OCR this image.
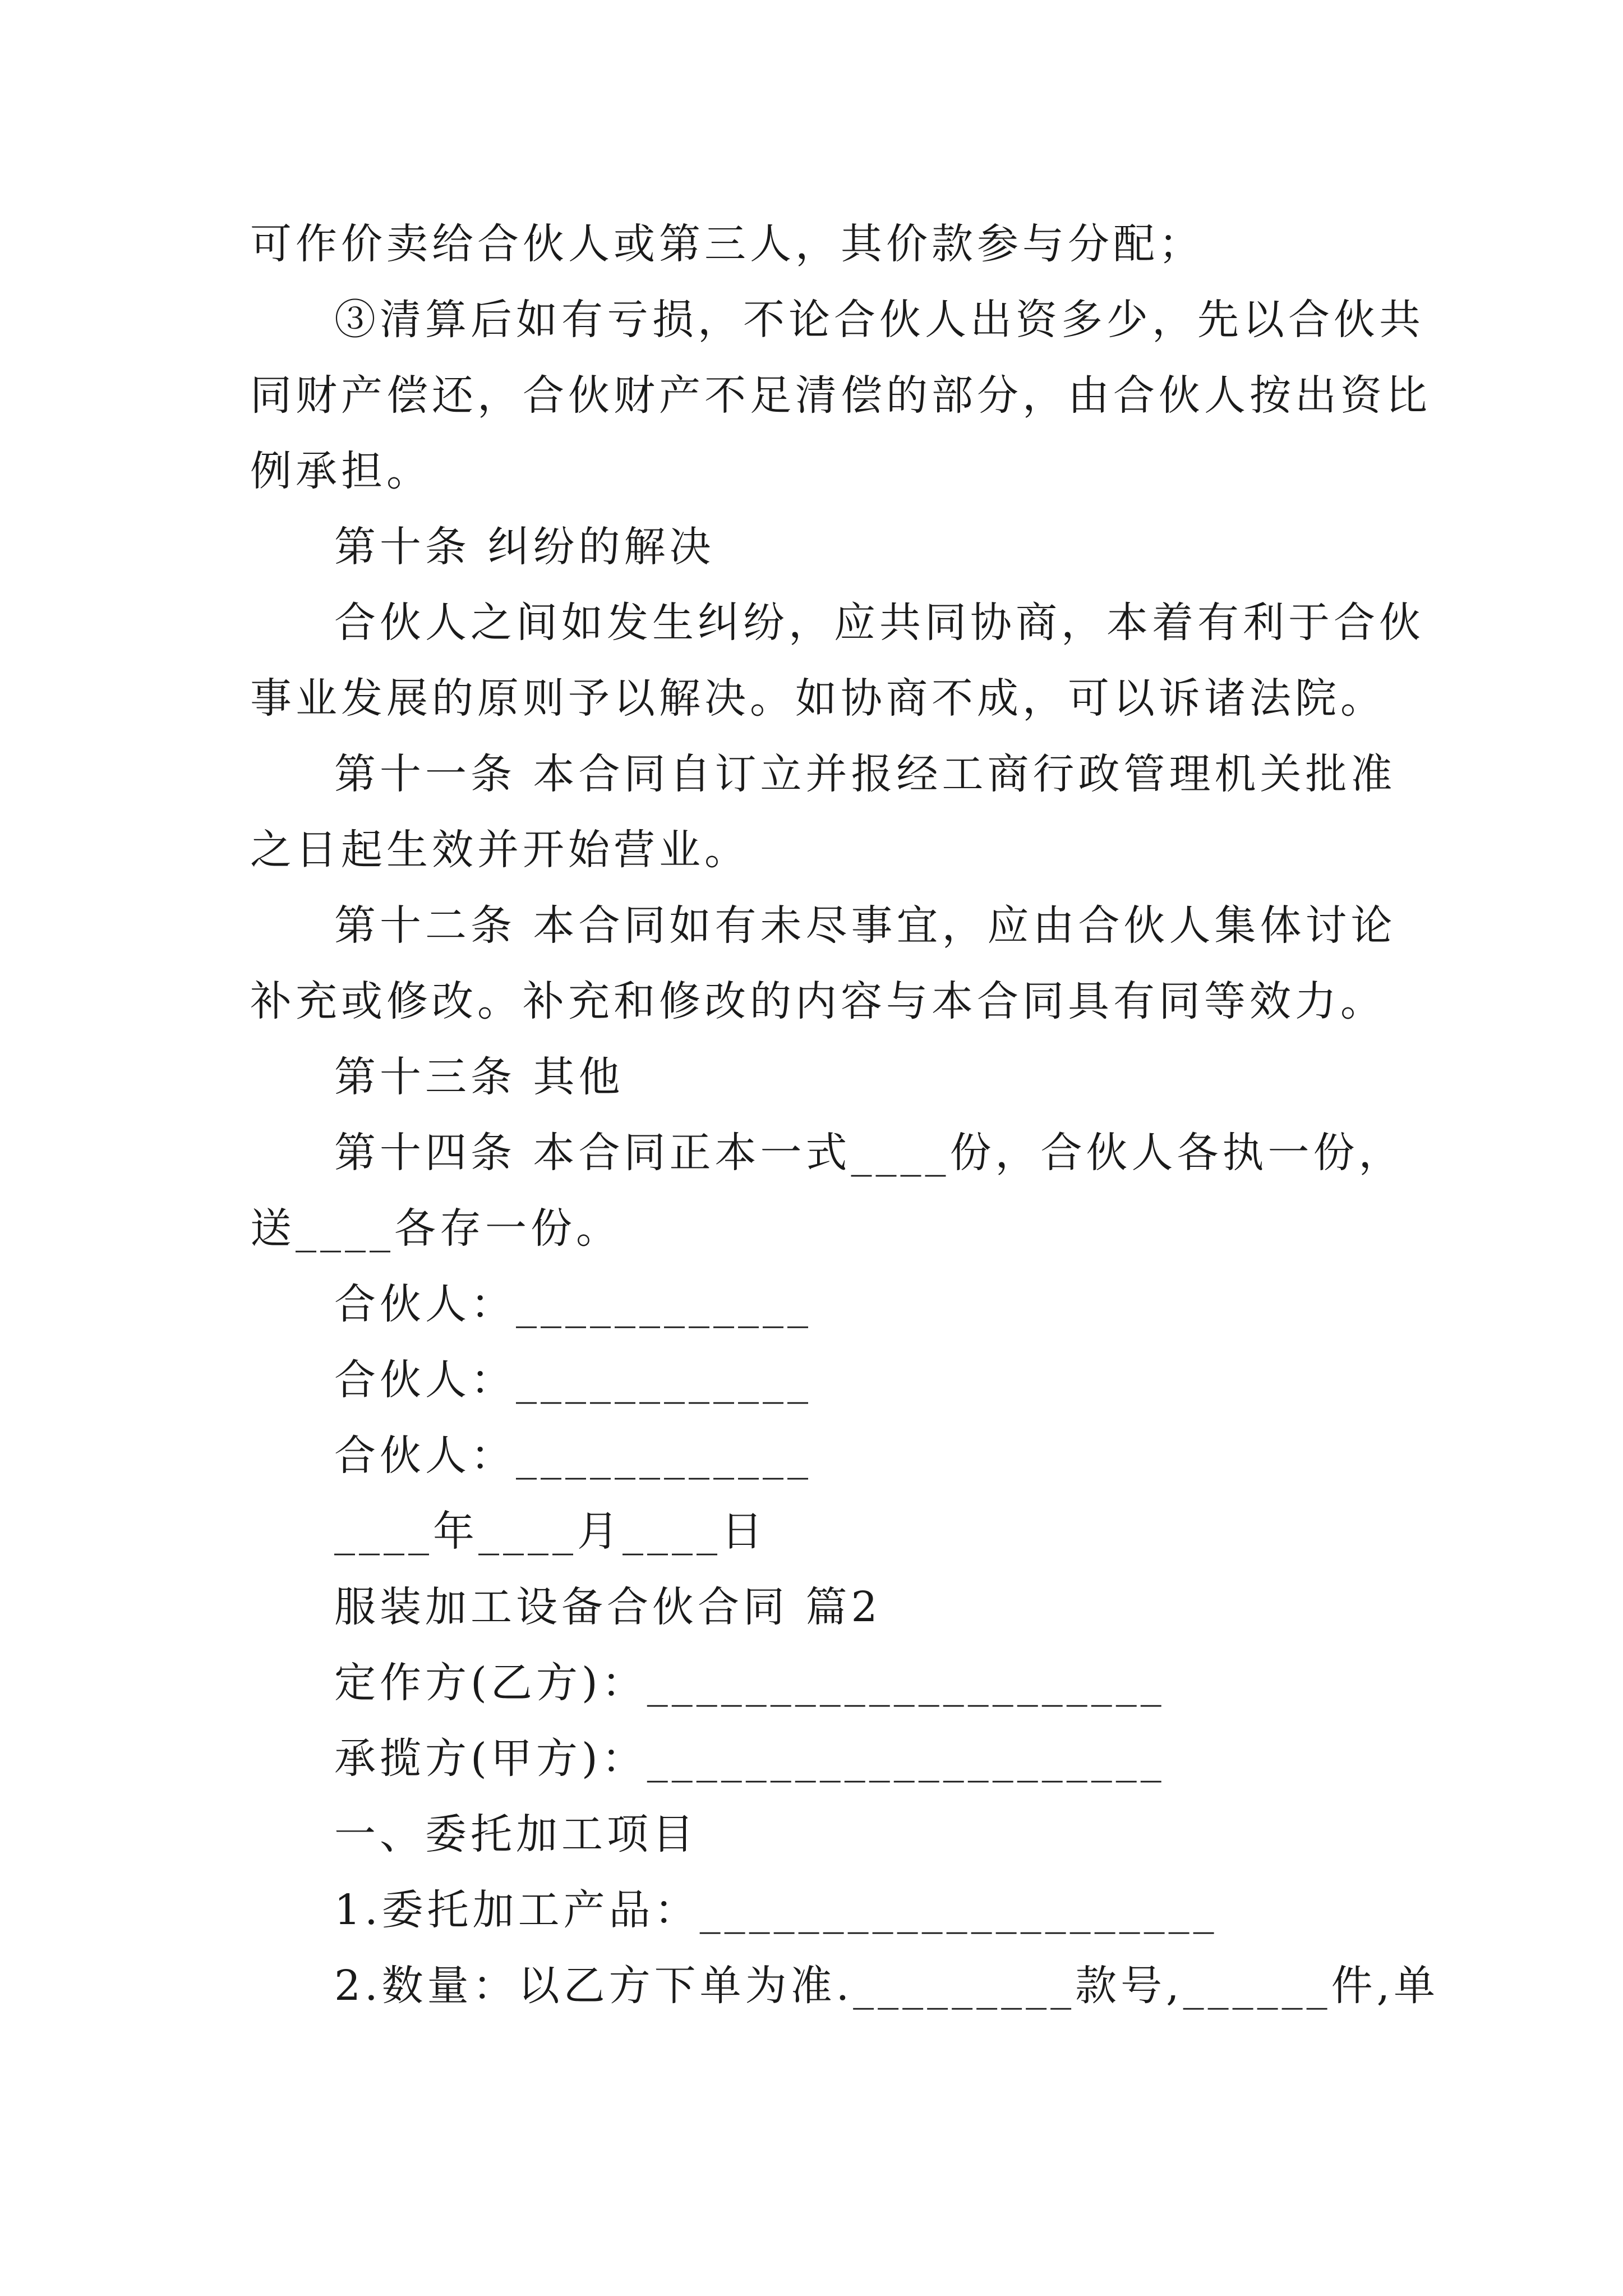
可作价卖给合伙人或第三人，其价款参与分配；
③清算后如有亏损，不论合伙人出资多少，先以合伙共
同财产偿还，合伙财产不足清偿的部分，由合伙人按出资比
例承担。
第十条 纠纷的解决
合伙人之间如发生纠纷，应共同协商，本着有利于合伙
事业发展的原则予以解决。如协商不成，可以诉诸法院。
第十一条 本合同自订立并报经工商行政管理机关批准
之日起生效并开始营业。
第十二条 本合同如有未尽事宜，应由合伙人集体讨论
补充或修改。补充和修改的内容与本合同具有同等效力。
第十三条 其他
第十四条 本合同正本一式____份，合伙人各执一份，
送____各存一份。
合伙人：____________
合伙人：____________
合伙人：____________
____年____月____日
服装加工设备合伙合同 篇2
定作方(乙方)：_____________________
承揽方(甲方)：_____________________
一、委托加工项目
1.委托加工产品：_____________________
2.数量：以乙方下单为准._________款号,______件,单
